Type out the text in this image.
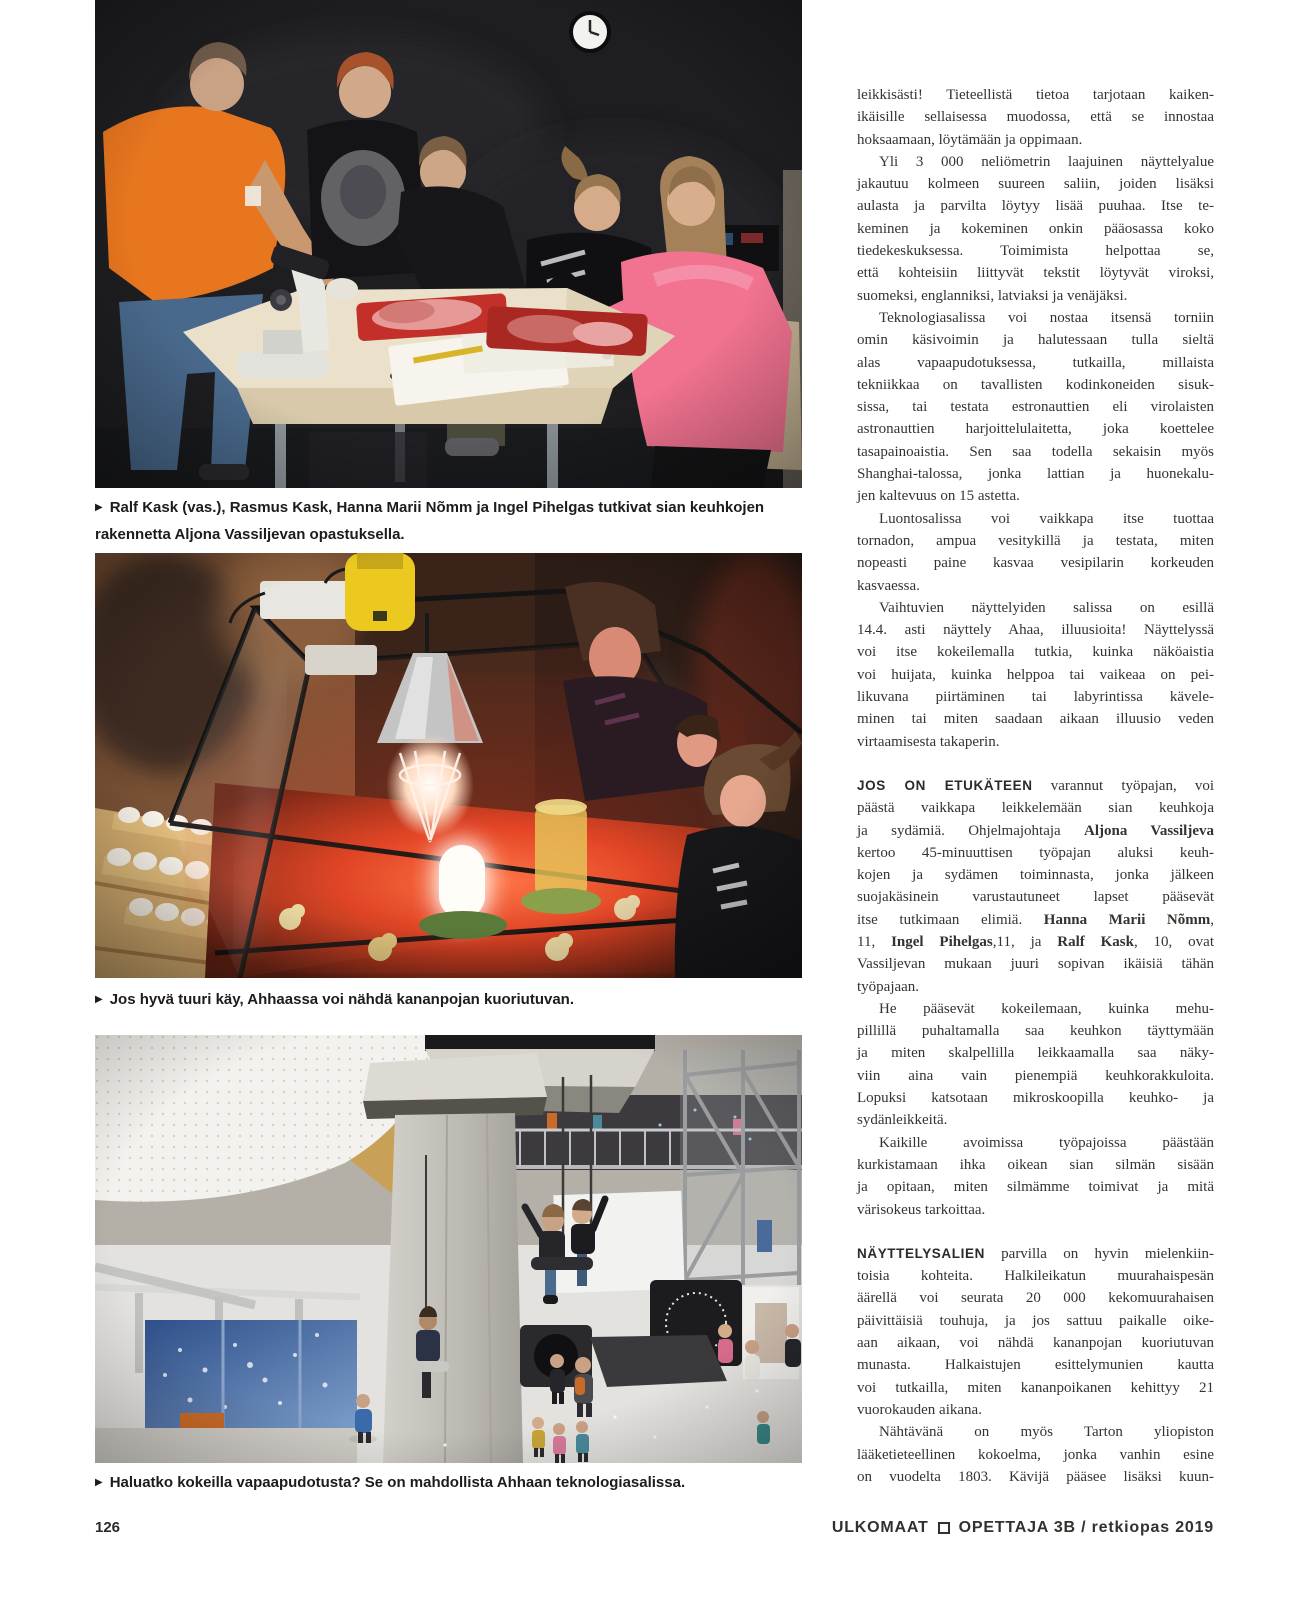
▶ Ralf Kask (vas.), Rasmus Kask, Hanna Marii Nõmm ja Ingel Pihelgas tutkivat sian keuhkojen rakennetta Aljona Vassiljevan opastuksella.
▶ Jos hyvä tuuri käy, Ahhaassa voi nähdä kananpojan kuoriutuvan.
▶ Haluatko kokeilla vapaapudotusta? Se on mahdollista Ahhaan teknologiasalissa.
leikkisästi! Tieteellistä tietoa tarjotaan kaiken-
ikäisille sellaisessa muodossa, että se innostaa
hoksaamaan, löytämään ja oppimaan.
Yli 3 000 neliömetrin laajuinen näyttelyalue
jakautuu kolmeen suureen saliin, joiden lisäksi
aulasta ja parvilta löytyy lisää puuhaa. Itse te-
keminen ja kokeminen onkin pääosassa koko
tiedekeskuksessa. Toimimista helpottaa se,
että kohteisiin liittyvät tekstit löytyvät viroksi,
suomeksi, englanniksi, latviaksi ja venäjäksi.
Teknologiasalissa voi nostaa itsensä torniin
omin käsivoimin ja halutessaan tulla sieltä
alas vapaapudotuksessa, tutkailla, millaista
tekniikkaa on tavallisten kodinkoneiden sisuk-
sissa, tai testata estronauttien eli virolaisten
astronauttien harjoittelulaitetta, joka koettelee
tasapainoaistia. Sen saa todella sekaisin myös
Shanghai-talossa, jonka lattian ja huonekalu-
jen kaltevuus on 15 astetta.
Luontosalissa voi vaikkapa itse tuottaa
tornadon, ampua vesitykillä ja testata, miten
nopeasti paine kasvaa vesipilarin korkeuden
kasvaessa.
Vaihtuvien näyttelyiden salissa on esillä
14.4. asti näyttely Ahaa, illuusioita! Näyttelyssä
voi itse kokeilemalla tutkia, kuinka näköaistia
voi huijata, kuinka helppoa tai vaikeaa on pei-
likuvana piirtäminen tai labyrintissa kävele-
minen tai miten saadaan aikaan illuusio veden
virtaamisesta takaperin.
JOS ON ETUKÄTEEN varannut työpajan, voi
päästä vaikkapa leikkelemään sian keuhkoja
ja sydämiä. Ohjelmajohtaja Aljona Vassiljeva
kertoo 45-minuuttisen työpajan aluksi keuh-
kojen ja sydämen toiminnasta, jonka jälkeen
suojakäsinein varustautuneet lapset pääsevät
itse tutkimaan elimiä. Hanna Marii Nõmm,
11, Ingel Pihelgas,11, ja Ralf Kask, 10, ovat
Vassiljevan mukaan juuri sopivan ikäisiä tähän
työpajaan.
He pääsevät kokeilemaan, kuinka mehu-
pillillä puhaltamalla saa keuhkon täyttymään
ja miten skalpellilla leikkaamalla saa näky-
viin aina vain pienempiä keuhkorakkuloita.
Lopuksi katsotaan mikroskoopilla keuhko- ja
sydänleikkeitä.
Kaikille avoimissa työpajoissa päästään
kurkistamaan ihka oikean sian silmän sisään
ja opitaan, miten silmämme toimivat ja mitä
värisokeus tarkoittaa.
NÄYTTELYSALIEN parvilla on hyvin mielenkiin-
toisia kohteita. Halkileikatun muurahaispesän
äärellä voi seurata 20 000 kekomuurahaisen
päivittäisiä touhuja, ja jos sattuu paikalle oike-
aan aikaan, voi nähdä kananpojan kuoriutuvan
munasta. Halkaistujen esittelymunien kautta
voi tutkailla, miten kananpoikanen kehittyy 21
vuorokauden aikana.
Nähtävänä on myös Tarton yliopiston
lääketieteellinen kokoelma, jonka vanhin esine
on vuodelta 1803. Kävijä pääsee lisäksi kuun-
126	ULKOMAAT OPETTAJA 3B / retkiopas 2019
